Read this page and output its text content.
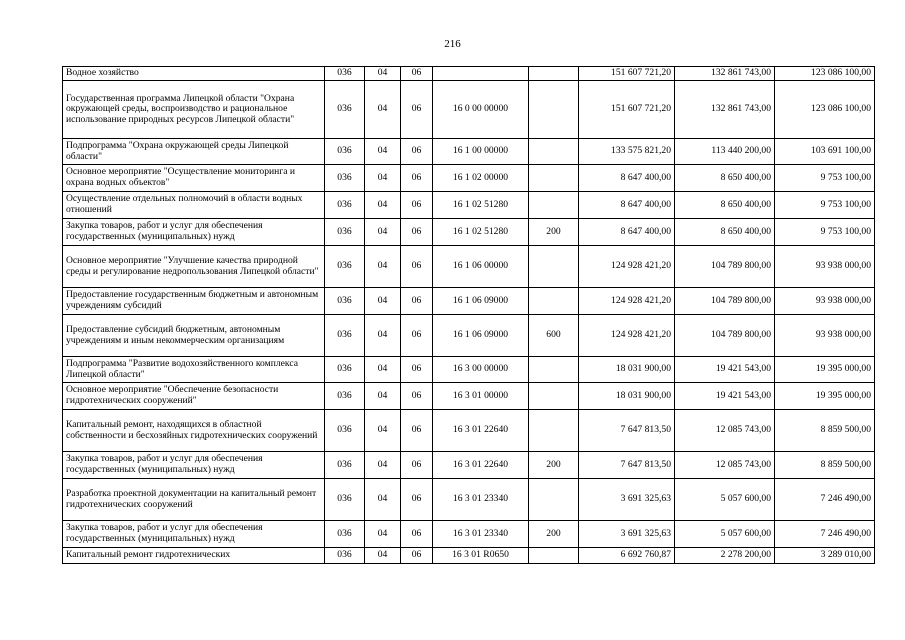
216
Водное хозяйство	036	04	06			151 607 721,20	132 861 743,00	123 086 100,00
Государственная программа Липецкой области "Охрана окружающей среды, воспроизводство и рациональное использование природных ресурсов Липецкой области"	036	04	06	16 0 00 00000		151 607 721,20	132 861 743,00	123 086 100,00
Подпрограмма "Охрана окружающей среды Липецкой области"	036	04	06	16 1 00 00000		133 575 821,20	113 440 200,00	103 691 100,00
Основное мероприятие "Осуществление мониторинга и охрана водных объектов"	036	04	06	16 1 02 00000		8 647 400,00	8 650 400,00	9 753 100,00
Осуществление отдельных полномочий в области водных отношений	036	04	06	16 1 02 51280		8 647 400,00	8 650 400,00	9 753 100,00
Закупка товаров, работ и услуг для обеспечения государственных (муниципальных) нужд	036	04	06	16 1 02 51280	200	8 647 400,00	8 650 400,00	9 753 100,00
Основное мероприятие "Улучшение качества природной среды и регулирование недропользования Липецкой области"	036	04	06	16 1 06 00000		124 928 421,20	104 789 800,00	93 938 000,00
Предоставление государственным бюджетным и автономным учреждениям субсидий	036	04	06	16 1 06 09000		124 928 421,20	104 789 800,00	93 938 000,00
Предоставление субсидий бюджетным, автономным учреждениям и иным некоммерческим организациям	036	04	06	16 1 06 09000	600	124 928 421,20	104 789 800,00	93 938 000,00
Подпрограмма "Развитие водохозяйственного комплекса Липецкой области"	036	04	06	16 3 00 00000		18 031 900,00	19 421 543,00	19 395 000,00
Основное мероприятие "Обеспечение безопасности гидротехнических сооружений"	036	04	06	16 3 01 00000		18 031 900,00	19 421 543,00	19 395 000,00
Капитальный ремонт, находящихся в областной собственности и бесхозяйных гидротехнических сооружений	036	04	06	16 3 01 22640		7 647 813,50	12 085 743,00	8 859 500,00
Закупка товаров, работ и услуг для обеспечения государственных (муниципальных) нужд	036	04	06	16 3 01 22640	200	7 647 813,50	12 085 743,00	8 859 500,00
Разработка проектной документации на капитальный ремонт гидротехнических сооружений	036	04	06	16 3 01 23340		3 691 325,63	5 057 600,00	7 246 490,00
Закупка товаров, работ и услуг для обеспечения государственных (муниципальных) нужд	036	04	06	16 3 01 23340	200	3 691 325,63	5 057 600,00	7 246 490,00
Капитальный ремонт гидротехнических	036	04	06	16 3 01 R0650		6 692 760,87	2 278 200,00	3 289 010,00
